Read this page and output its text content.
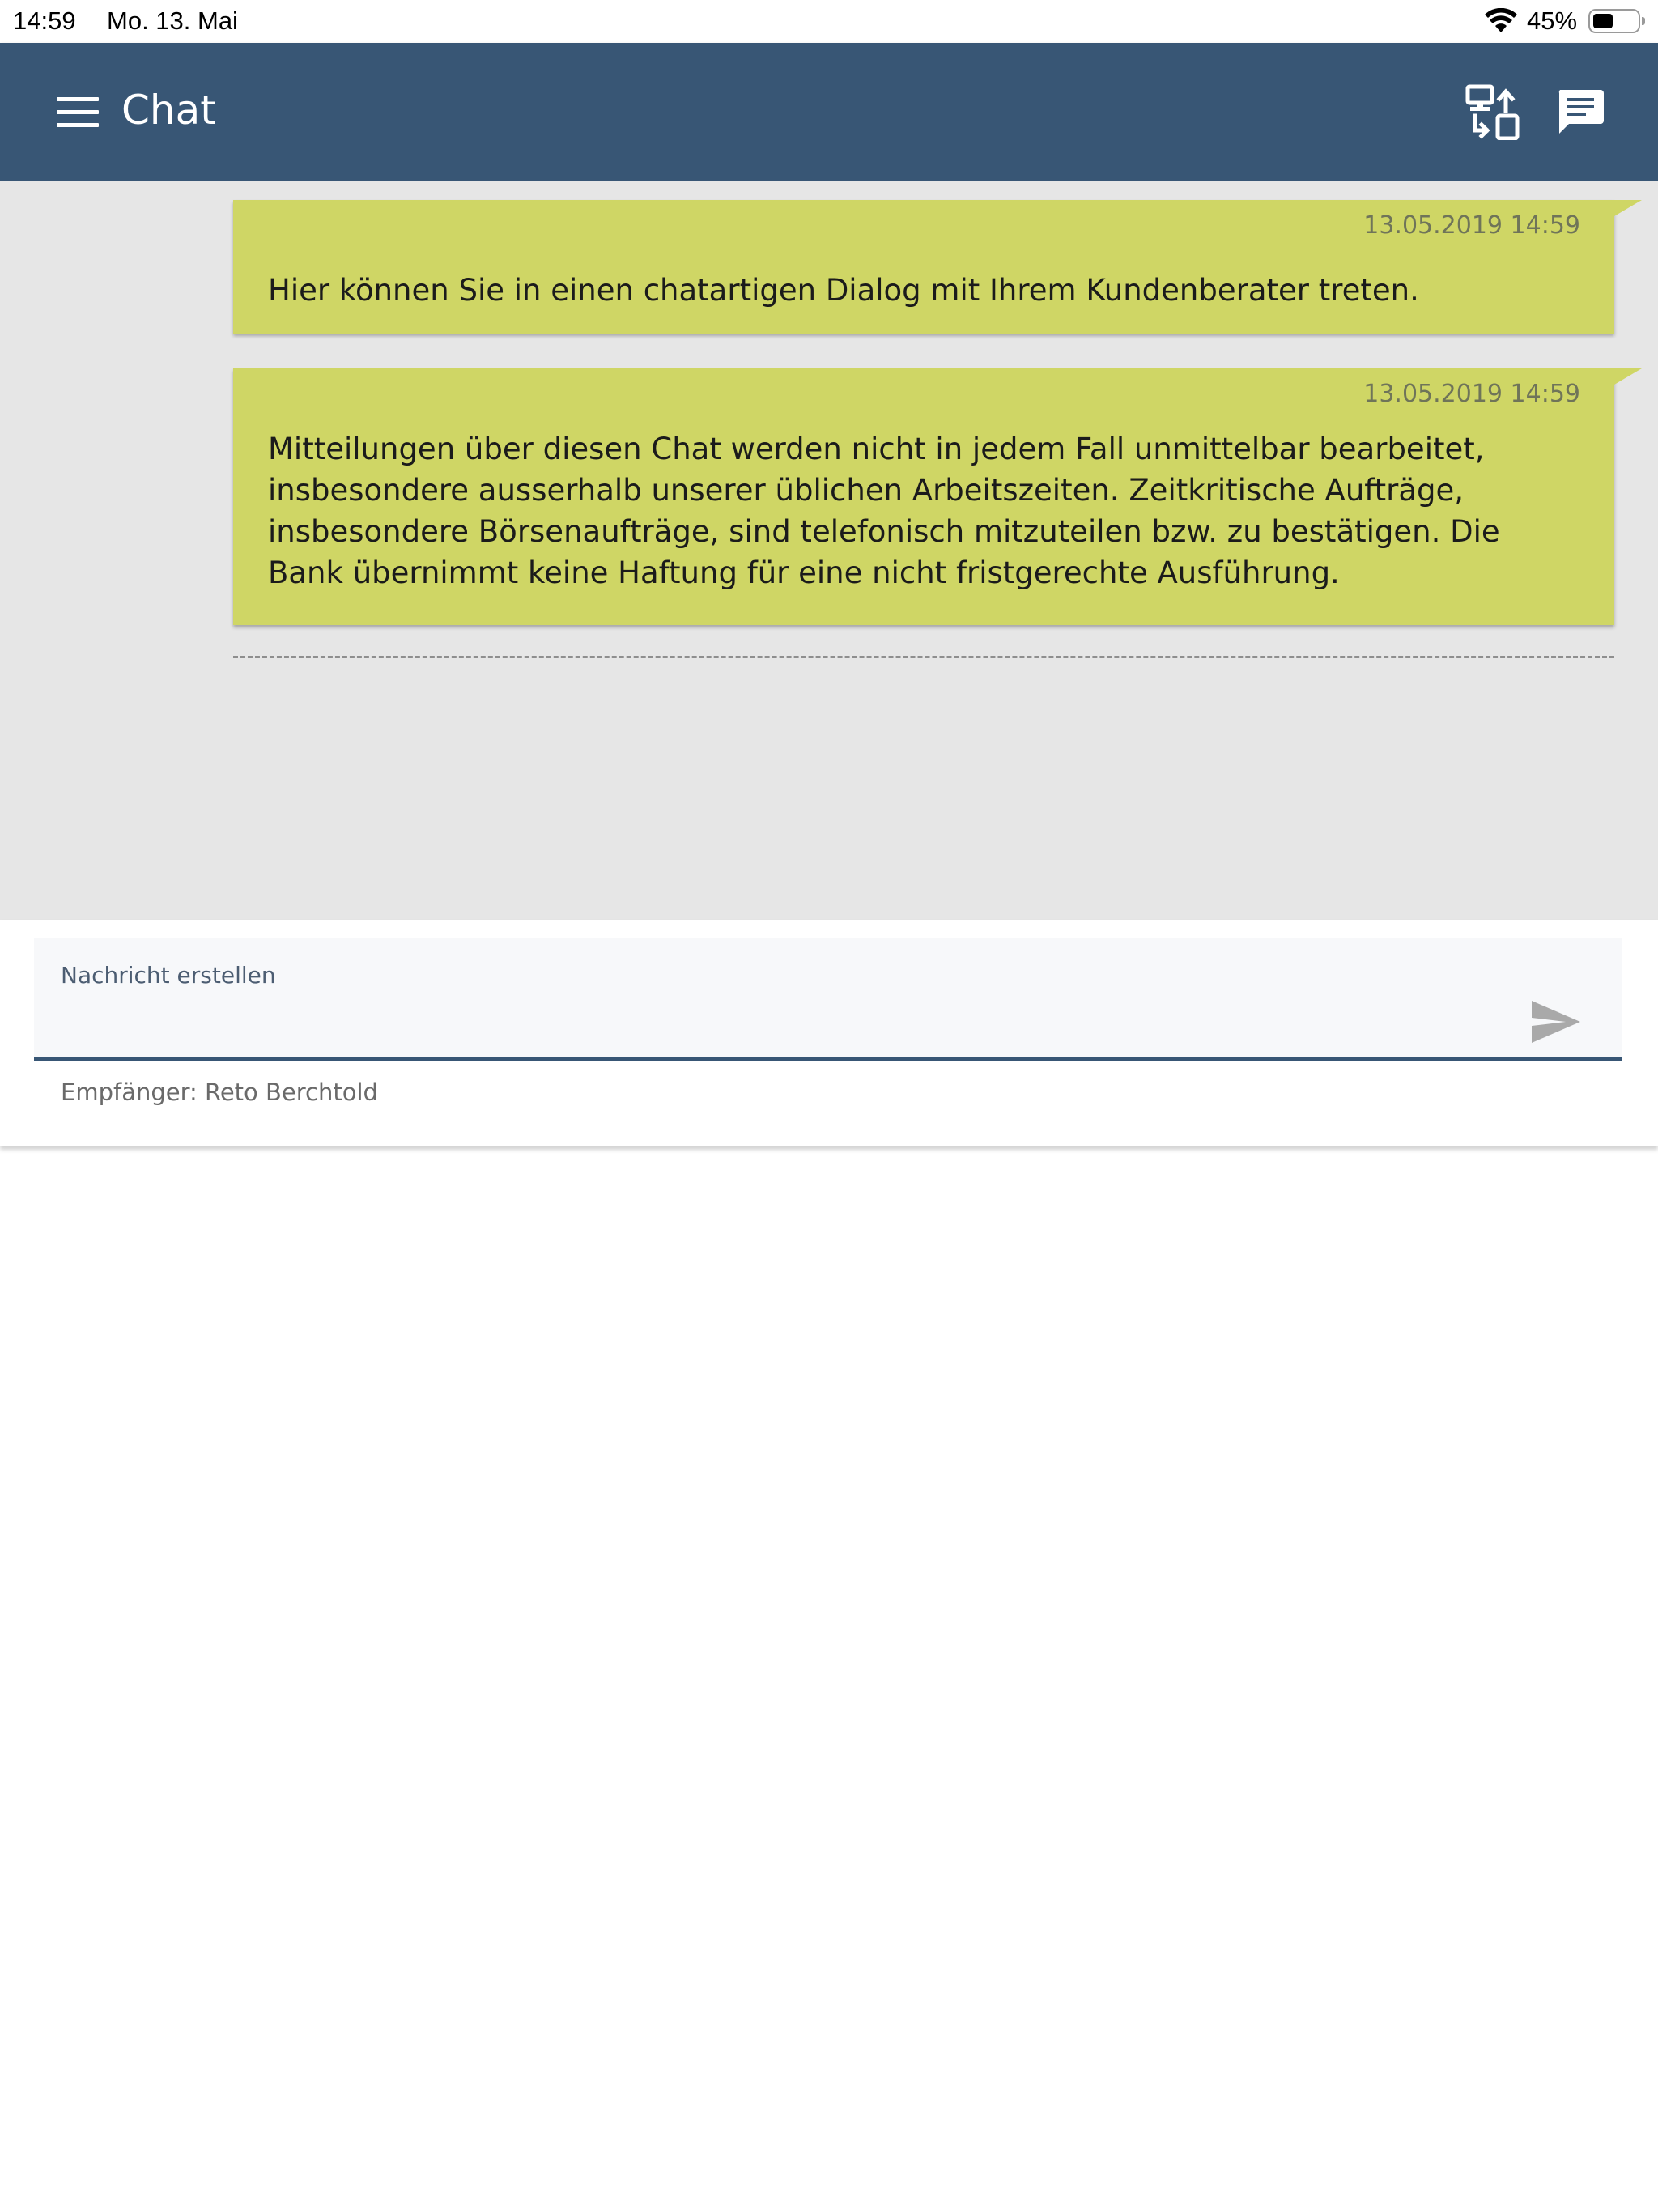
14:59 Mo. 13. Mai	45%
Chat
13.05.2019 14:59
Hier können Sie in einen chatartigen Dialog mit Ihrem Kundenberater treten.
13.05.2019 14:59
Mitteilungen über diesen Chat werden nicht in jedem Fall unmittelbar bearbeitet, insbesondere ausserhalb unserer üblichen Arbeitszeiten. Zeitkritische Aufträge, insbesondere Börsenaufträge, sind telefonisch mitzuteilen bzw. zu bestätigen. Die Bank übernimmt keine Haftung für eine nicht fristgerechte Ausführung.
Nachricht erstellen
Empfänger: Reto Berchtold
